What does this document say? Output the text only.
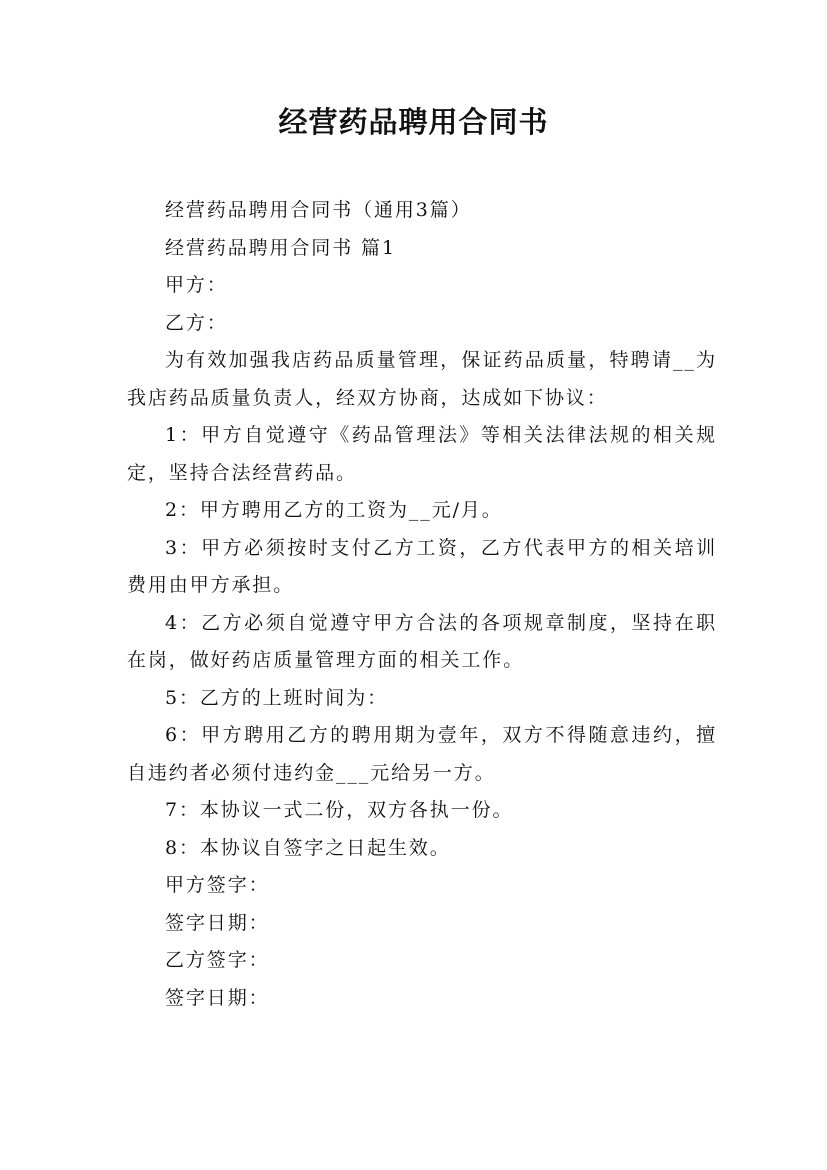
经营药品聘用合同书

经营药品聘用合同书（通用3篇）

经营药品聘用合同书 篇1

甲方：

乙方：

为有效加强我店药品质量管理，保证药品质量，特聘请__为我店药品质量负责人，经双方协商，达成如下协议：

1：甲方自觉遵守《药品管理法》等相关法律法规的相关规定，坚持合法经营药品。

2：甲方聘用乙方的工资为__元/月。

3：甲方必须按时支付乙方工资，乙方代表甲方的相关培训费用由甲方承担。

4：乙方必须自觉遵守甲方合法的各项规章制度，坚持在职在岗，做好药店质量管理方面的相关工作。

5：乙方的上班时间为：

6：甲方聘用乙方的聘用期为壹年，双方不得随意违约，擅自违约者必须付违约金___元给另一方。

7：本协议一式二份，双方各执一份。

8：本协议自签字之日起生效。

甲方签字：

签字日期：

乙方签字：

签字日期：
